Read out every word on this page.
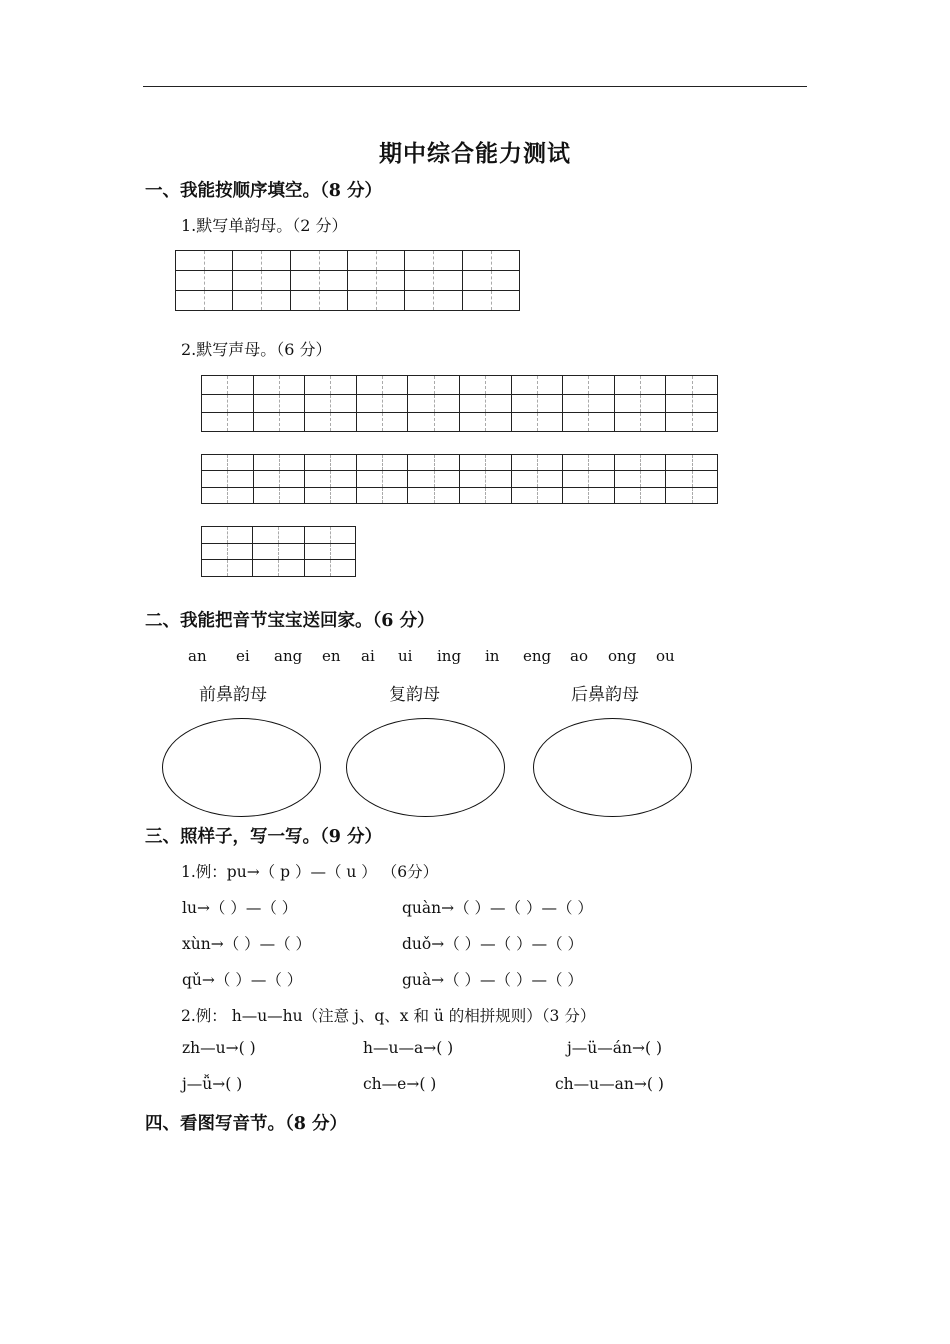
期中综合能力测试
一、我能按顺序填空。（8 分）
1.默写单韵母。（2 分）

2.默写声母。（6 分）

二、我能把音节宝宝送回家。（6 分）
an ei ang en ai ui ing in eng ao ong ou
前鼻韵母	复韵母	后鼻韵母
三、照样子，写一写。（9 分）
1.例：pu→（ p ）—（ u ） （6分）
lu→（ ）—（ ）	quàn→（ ）—（ ）—（ ）
xùn→（ ）—（ ）	duǒ→（ ）—（ ）—（ ）
qǔ→（ ）—（ ）	guà→（ ）—（ ）—（ ）
2.例： h—u—hu（注意 j、q、x 和 ü 的相拼规则）（3 分）
zh—u→( )	h—u—a→( )	j—ü—án→( )
j—ǚ→( )	ch—e→( )	ch—u—an→( )
四、看图写音节。（8 分）
